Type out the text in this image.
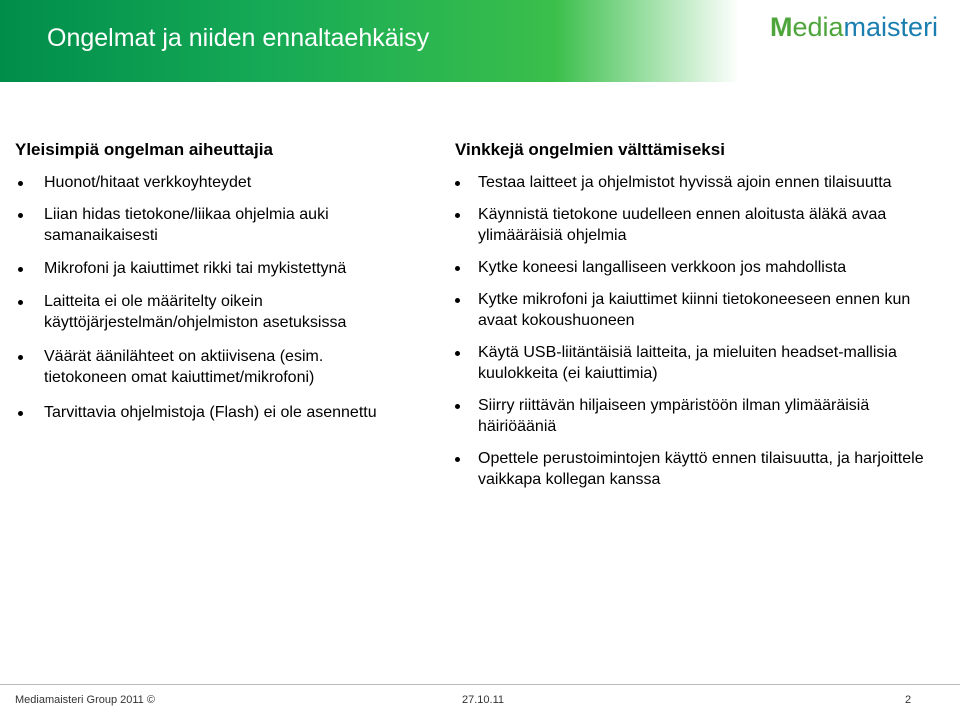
Ongelmat ja niiden ennaltaehkäisy	M edia maisteri
Yleisimpiä ongelman aiheuttajia
Huonot/hitaat verkkoyhteydet
Liian hidas tietokone/liikaa ohjelmia auki samanaikaisesti
Mikrofoni ja kaiuttimet rikki tai mykistettynä
Laitteita ei ole määritelty oikein käyttöjärjestelmän/ohjelmiston asetuksissa
Väärät äänilähteet on aktiivisena (esim. tietokoneen omat kaiuttimet/mikrofoni)
Tarvittavia ohjelmistoja (Flash) ei ole asennettu
Vinkkejä ongelmien välttämiseksi
Testaa laitteet ja ohjelmistot hyvissä ajoin ennen tilaisuutta
Käynnistä tietokone uudelleen ennen aloitusta äläkä avaa ylimääräisiä ohjelmia
Kytke koneesi langalliseen verkkoon jos mahdollista
Kytke mikrofoni ja kaiuttimet kiinni tietokoneeseen ennen kun avaat kokoushuoneen
Käytä USB-liitäntäisiä laitteita, ja mieluiten headset-mallisia kuulokkeita (ei kaiuttimia)
Siirry riittävän hiljaiseen ympäristöön ilman ylimääräisiä häiriöääniä
Opettele perustoimintojen käyttö ennen tilaisuutta, ja harjoittele vaikkapa kollegan kanssa
Mediamaisteri Group 2011 ©	27.10.11	2
